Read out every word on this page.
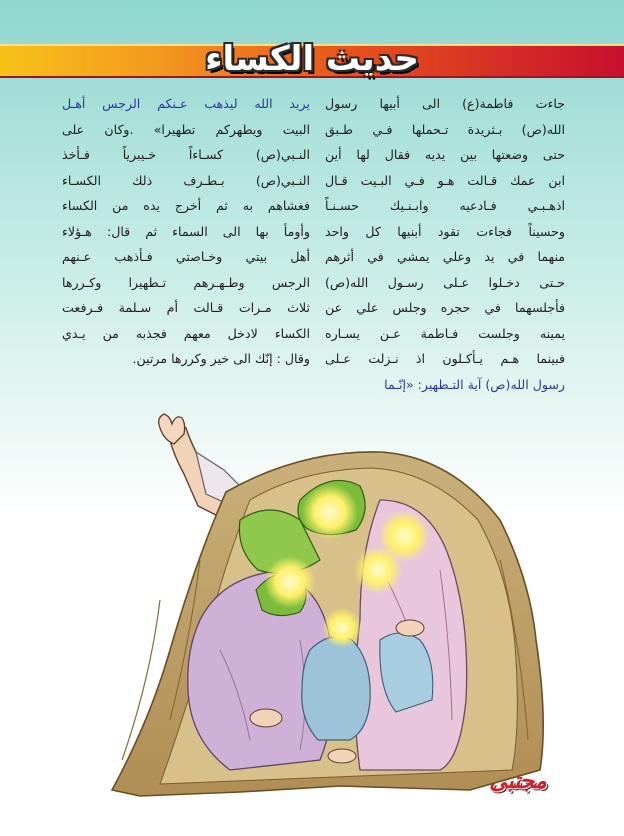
حديث الكساء
جاءت فاطمة(ع) الى أبيها رسول
الله(ص) بـثريدة تـحملها فـي طـبق
حتى وضعتها بين يديه فقال لها أين
ابن عمك قـالت هـو فـي البـيت قـال
اذهـبـي فـادعيه وابـنـيك حسـنـاً
وحسيناً فجاءت تقود أبنيها كل واحد
منهما في يد وعلي يمشي في أثرهم
حـتى دخـلوا عـلى رسـول الله(ص)
فأجلسهما في حجره وجلس علي عن
يمينه وجلست فـاطمة عـن يسـاره
فبينما هـم يـأكـلون اذ نـزلت عـلى
رسول الله(ص) آية التـطهير: «إنّـما
يريد الله ليذهب عـنكم الرجس أهـل
البيت ويطهركم تطهيرا» .وكان على
النـبي(ص) كسـاءاً خـيبرياً فـأخذ
النـبي(ص) بـطـرف ذلك الكسـاء
فغشاهم به ثم أخرج يده من الكساء
وأومأ بها الى السماء ثم قال: هـؤلاء
أهل بيتي وخـاصتي فـأذهب عـنهم
الرجس وطـهـرهم تـطهيرا وكـررها
ثلاث مـرات قـالت أم سـلمة فـرفعت
الكساء لادخل معهم فجذبه من يـدي
وقال : إنّك الى خير وكررها مرتين.
مجتبى
